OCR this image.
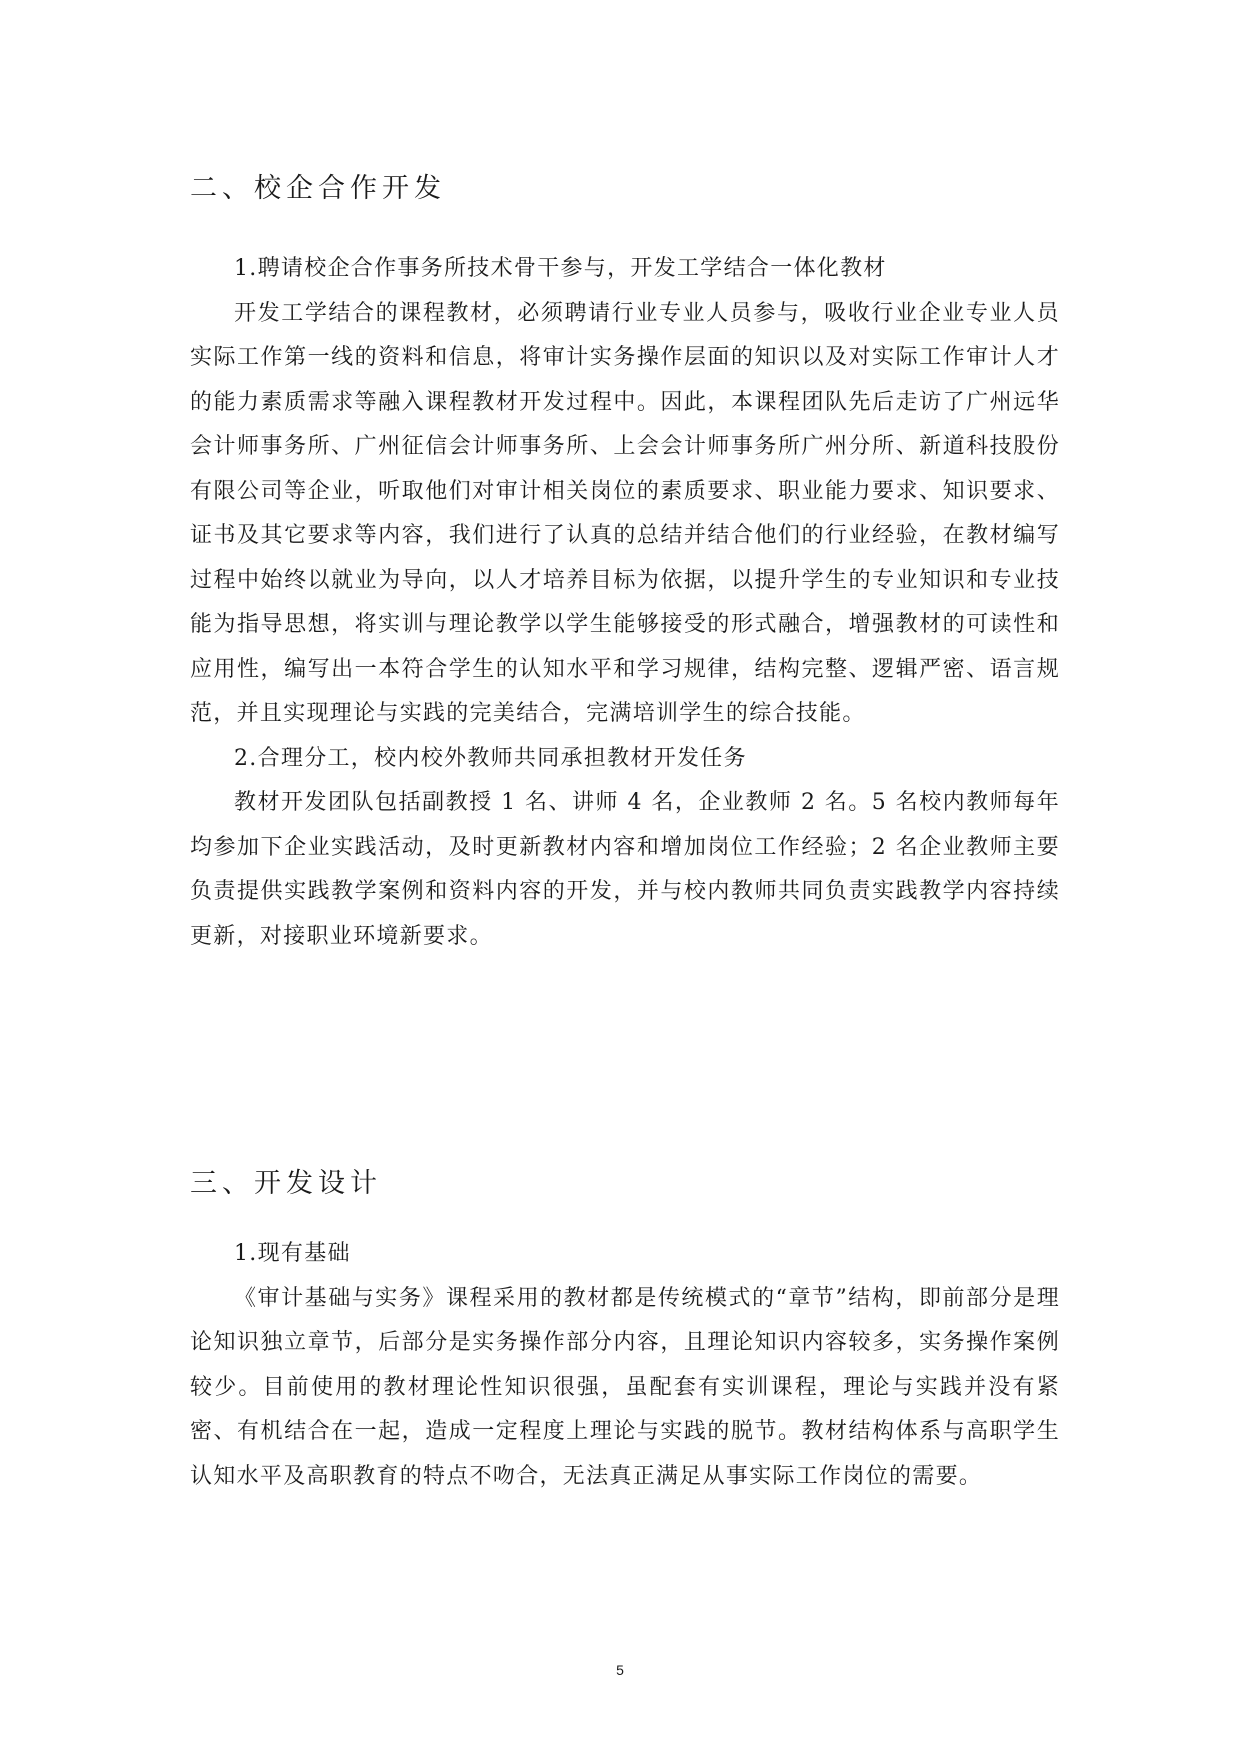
二、校企合作开发

1.聘请校企合作事务所技术骨干参与，开发工学结合一体化教材

开发工学结合的课程教材，必须聘请行业专业人员参与，吸收行业企业专业人员实际工作第一线的资料和信息，将审计实务操作层面的知识以及对实际工作审计人才的能力素质需求等融入课程教材开发过程中。因此，本课程团队先后走访了广州远华会计师事务所、广州征信会计师事务所、上会会计师事务所广州分所、新道科技股份有限公司等企业，听取他们对审计相关岗位的素质要求、职业能力要求、知识要求、证书及其它要求等内容，我们进行了认真的总结并结合他们的行业经验，在教材编写过程中始终以就业为导向，以人才培养目标为依据，以提升学生的专业知识和专业技能为指导思想，将实训与理论教学以学生能够接受的形式融合，增强教材的可读性和应用性，编写出一本符合学生的认知水平和学习规律，结构完整、逻辑严密、语言规范，并且实现理论与实践的完美结合，完满培训学生的综合技能。

2.合理分工，校内校外教师共同承担教材开发任务

教材开发团队包括副教授 1 名、讲师 4 名，企业教师 2 名。5 名校内教师每年均参加下企业实践活动，及时更新教材内容和增加岗位工作经验；2 名企业教师主要负责提供实践教学案例和资料内容的开发，并与校内教师共同负责实践教学内容持续更新，对接职业环境新要求。

三、开发设计

1.现有基础

《审计基础与实务》课程采用的教材都是传统模式的“章节”结构，即前部分是理论知识独立章节，后部分是实务操作部分内容，且理论知识内容较多，实务操作案例较少。目前使用的教材理论性知识很强，虽配套有实训课程，理论与实践并没有紧密、有机结合在一起，造成一定程度上理论与实践的脱节。教材结构体系与高职学生认知水平及高职教育的特点不吻合，无法真正满足从事实际工作岗位的需要。

5
